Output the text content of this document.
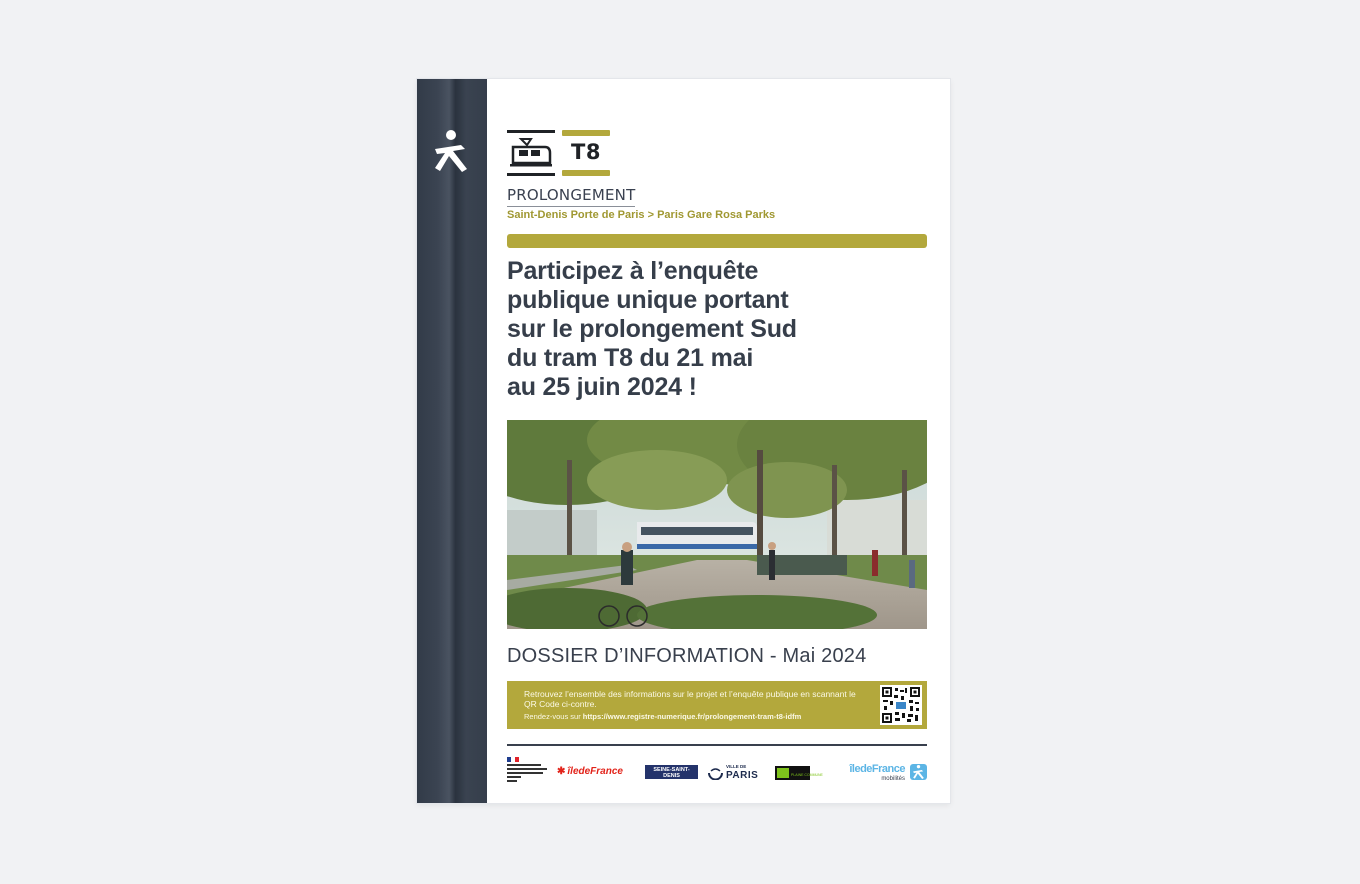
T8
PROLONGEMENT
Saint-Denis Porte de Paris > Paris Gare Rosa Parks
Participez à l’enquête
publique unique portant
sur le prolongement Sud
du tram T8 du 21 mai
au 25 juin 2024 !
DOSSIER D’INFORMATION - Mai 2024
Retrouvez l’ensemble des informations sur le projet et l’enquête publique en scannant le QR Code ci-contre.
Rendez-vous sur https://www.registre-numerique.fr/prolongement-tram-t8-idfm
✱ îledeFrance	SEINE-SAINT-DENIS
VILLE DE
PARIS	PLAINE COMMUNE îledeFrance
mobilités
